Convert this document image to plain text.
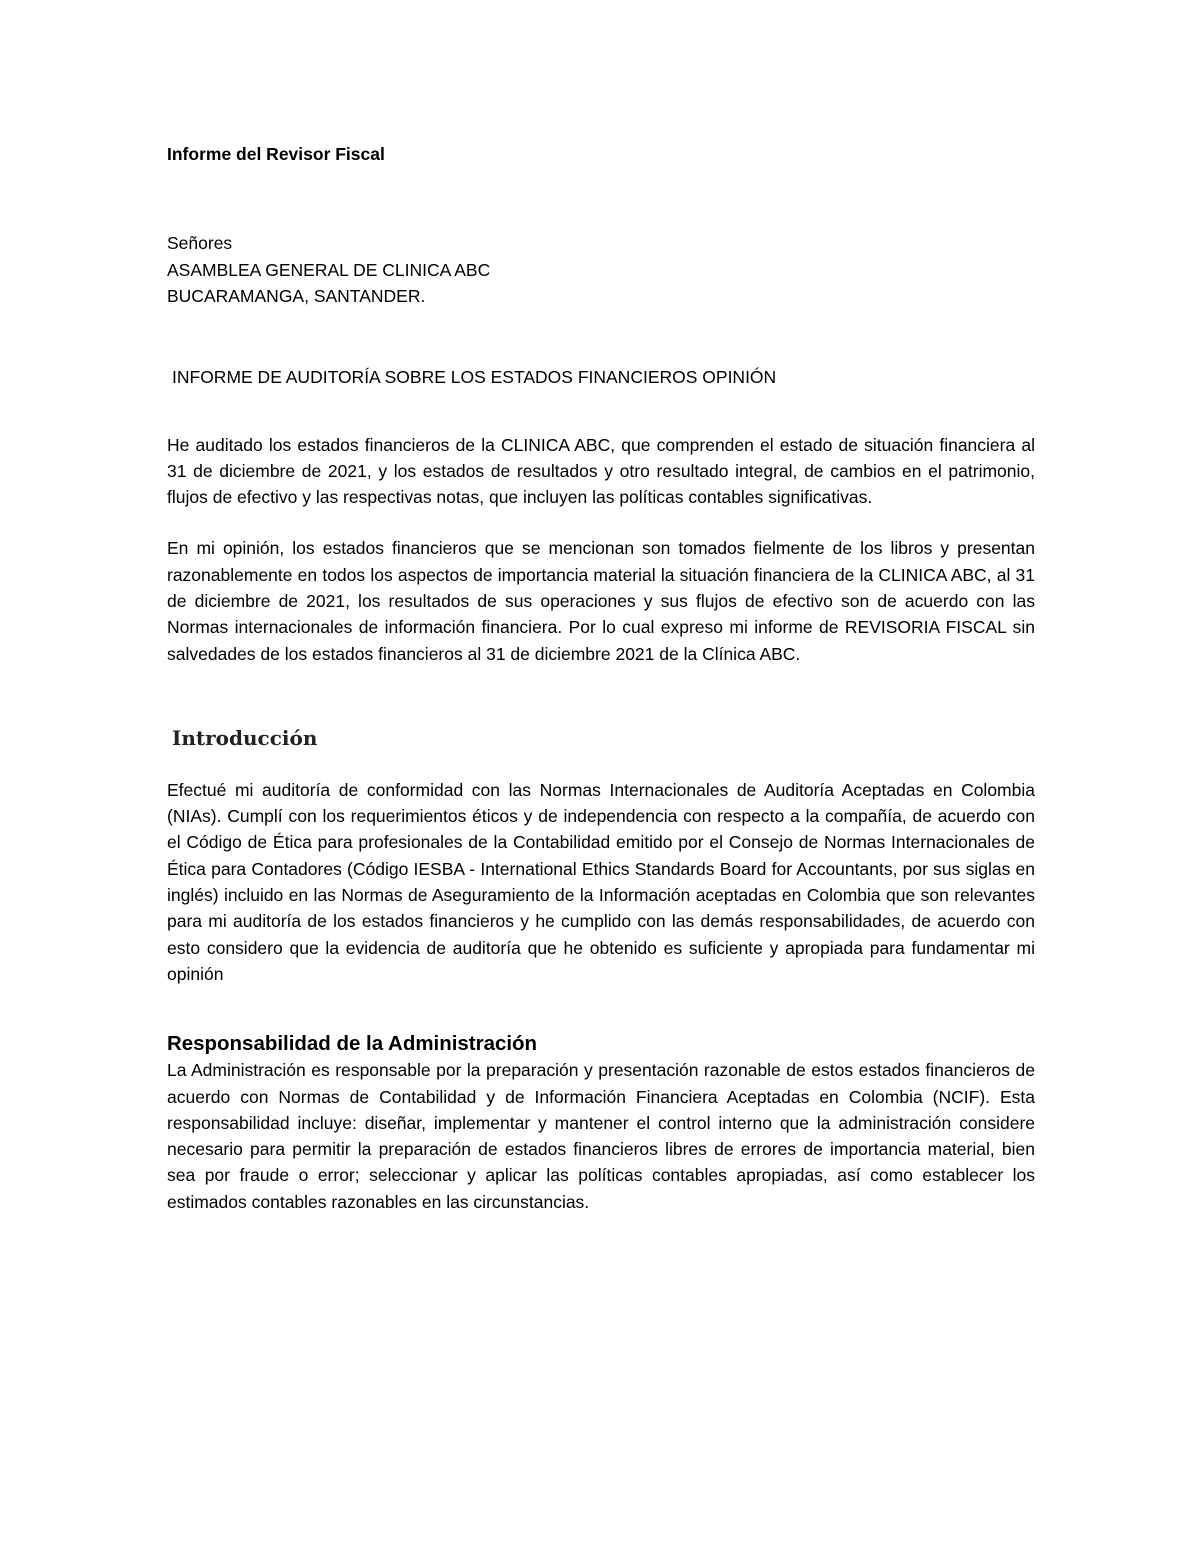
Informe del Revisor Fiscal
Señores
ASAMBLEA GENERAL DE CLINICA ABC
BUCARAMANGA, SANTANDER.
INFORME DE AUDITORÍA SOBRE LOS ESTADOS FINANCIEROS OPINIÓN

He auditado los estados financieros de la CLINICA ABC, que comprenden el estado de situación financiera al 31 de diciembre de 2021, y los estados de resultados y otro resultado integral, de cambios en el patrimonio, flujos de efectivo y las respectivas notas, que incluyen las políticas contables significativas.

En mi opinión, los estados financieros que se mencionan son tomados fielmente de los libros y presentan razonablemente en todos los aspectos de importancia material la situación financiera de la CLINICA ABC, al 31 de diciembre de 2021, los resultados de sus operaciones y sus flujos de efectivo son de acuerdo con las Normas internacionales de información financiera. Por lo cual expreso mi informe de REVISORIA FISCAL sin salvedades de los estados financieros al 31 de diciembre 2021 de la Clínica ABC.

Introducción

Efectué mi auditoría de conformidad con las Normas Internacionales de Auditoría Aceptadas en Colombia (NIAs). Cumplí con los requerimientos éticos y de independencia con respecto a la compañía, de acuerdo con el Código de Ética para profesionales de la Contabilidad emitido por el Consejo de Normas Internacionales de Ética para Contadores (Código IESBA - International Ethics Standards Board for Accountants, por sus siglas en inglés) incluido en las Normas de Aseguramiento de la Información aceptadas en Colombia que son relevantes para mi auditoría de los estados financieros y he cumplido con las demás responsabilidades, de acuerdo con esto considero que la evidencia de auditoría que he obtenido es suficiente y apropiada para fundamentar mi opinión

Responsabilidad de la Administración

La Administración es responsable por la preparación y presentación razonable de estos estados financieros de acuerdo con Normas de Contabilidad y de Información Financiera Aceptadas en Colombia (NCIF). Esta responsabilidad incluye: diseñar, implementar y mantener el control interno que la administración considere necesario para permitir la preparación de estados financieros libres de errores de importancia material, bien sea por fraude o error; seleccionar y aplicar las políticas contables apropiadas, así como establecer los estimados contables razonables en las circunstancias.
